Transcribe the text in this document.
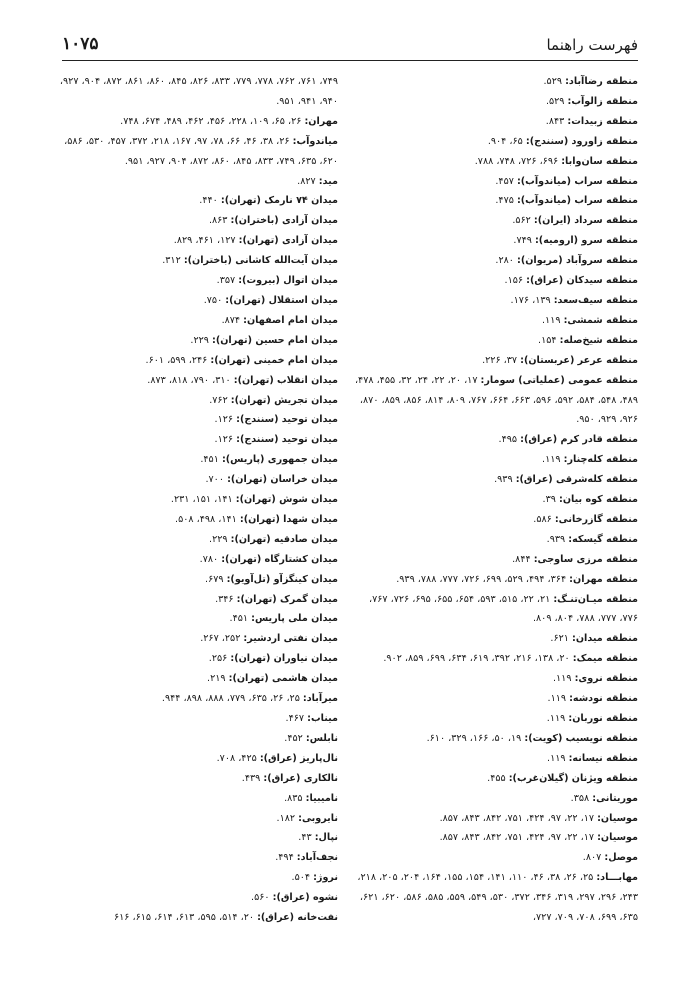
فهرست راهنما
۱۰۷۵
منطقه رضاآباد: ۵۲۹.
منطقه زالوآب: ۵۲۹.
منطقه زبیدات: ۸۴۳.
منطقه زاورود (سنندج): ۶۵، ۹۰۴.
منطقه سان‌وابا: ۶۹۶، ۷۲۶، ۷۴۸، ۷۸۸.
منطقه سراب (میاندوآب): ۴۵۷.
منطقه سراب (میاندوآب): ۴۷۵.
منطقه سرداد (ایران): ۵۶۲.
منطقه سرو (ارومیه): ۷۴۹.
منطقه سروآباد (مریوان): ۲۸۰.
منطقه سیدکان (عراق): ۱۵۶.
منطقه سیف‌سعد: ۱۳۹، ۱۷۶.
منطقه شمشی: ۱۱۹.
منطقه شیخ‌صله: ۱۵۴.
منطقه عرعر (عربستان): ۳۷، ۲۲۶.
منطقه عمومی (عملیاتی) سومار: ۱۷، ۲۰، ۲۲، ۲۴، ۳۲، ۴۵۵، ۴۷۸، ۴۸۹، ۵۴۸، ۵۸۴، ۵۹۲، ۵۹۶، ۶۶۳، ۶۶۴، ۷۶۷، ۸۰۹، ۸۱۴، ۸۵۶، ۸۵۹، ۸۷۰، ۹۲۶، ۹۲۹، ۹۵۰.
منطقه قادر کرم (عراق): ۴۹۵.
منطقه کله‌چنار: ۱۱۹.
منطقه کله‌شرقی (عراق): ۹۳۹.
منطقه کوه بیان: ۳۹.
منطقه گازرخانی: ۵۸۶.
منطقه گیسکه: ۹۳۹.
منطقه مرزی ساوجی: ۸۴۴.
منطقه مهران: ۳۶۴، ۴۹۴، ۵۲۹، ۶۹۹، ۷۲۶، ۷۷۷، ۷۸۸، ۹۳۹.
منطقه میـان‌تنـگ: ۲۱، ۲۲، ۵۱۵، ۵۹۳، ۶۵۴، ۶۵۵، ۶۹۵، ۷۲۶، ۷۶۷، ۷۷۶، ۷۷۷، ۷۸۸، ۸۰۴، ۸۰۹.
منطقه میدان: ۶۲۱.
منطقه میمک: ۲۰، ۱۳۸، ۲۱۶، ۳۹۲، ۶۱۹، ۶۳۴، ۶۹۹، ۸۵۹، ۹۰۲.
منطقه نروی: ۱۱۹.
منطقه نودشه: ۱۱۹.
منطقه نوربان: ۱۱۹.
منطقه نویسیب (کویت): ۱۹، ۵۰، ۱۶۶، ۳۲۹، ۶۱۰.
منطقه نیسانه: ۱۱۹.
منطقه ویژنان (گیلان‌غرب): ۴۵۵.
موریتانی: ۳۵۸.
موسیان: ۱۷، ۲۲، ۹۷، ۴۲۴، ۷۵۱، ۸۴۲، ۸۴۳، ۸۵۷.
موسیان: ۱۷، ۲۲، ۹۷، ۴۲۴، ۷۵۱، ۸۴۲، ۸۴۳، ۸۵۷.
موصل: ۸۰۷.
مهابـــاد: ۲۵، ۲۶، ۳۸، ۴۶، ۱۱۰، ۱۴۱، ۱۵۴، ۱۵۵، ۱۶۴، ۲۰۴، ۲۰۵، ۲۱۸، ۲۴۳، ۲۹۶، ۲۹۷، ۳۱۹، ۳۴۶، ۳۷۲، ۵۳۰، ۵۴۹، ۵۵۹، ۵۸۵، ۵۸۶، ۶۲۰، ۶۲۱، ۶۳۵، ۶۹۹، ۷۰۸، ۷۰۹، ۷۲۷،
۷۴۹، ۷۶۱، ۷۶۲، ۷۷۸، ۷۷۹، ۸۳۳، ۸۲۶، ۸۴۵، ۸۶۰، ۸۶۱، ۸۷۲، ۹۰۴، ۹۲۷، ۹۴۰، ۹۴۱، ۹۵۱.
مهران: ۲۶، ۶۵، ۱۰۹، ۲۲۸، ۴۵۶، ۴۶۲، ۴۸۹، ۶۷۴، ۷۴۸.
میاندوآب: ۲۶، ۳۸، ۴۶، ۶۶، ۷۸، ۹۷، ۱۶۷، ۲۱۸، ۳۷۲، ۴۵۷، ۵۳۰، ۵۸۶، ۶۲۰، ۶۳۵، ۷۴۹، ۸۳۳، ۸۴۵، ۸۶۰، ۸۷۲، ۹۰۴، ۹۲۷، ۹۵۱.
مید: ۸۲۷.
میدان ۷۴ نارمک (تهران): ۴۴۰.
میدان آزادی (باختران): ۸۶۳.
میدان آزادی (تهران): ۱۲۷، ۴۶۱، ۸۲۹.
میدان آیت‌الله کاشانی (باختران): ۳۱۲.
میدان اتوال (بیروت): ۳۵۷.
میدان استقلال (تهران): ۷۵۰.
میدان امام اصفهان: ۸۷۴.
میدان امام حسین (تهران): ۲۲۹.
میدان امام خمینی (تهران): ۲۴۶، ۵۹۹، ۶۰۱.
میدان انقلاب (تهران): ۳۱۰، ۷۹۰، ۸۱۸، ۸۷۳.
میدان تجریش (تهران): ۷۶۲.
میدان توحید (سنندج): ۱۲۶.
میدان توحید (سنندج): ۱۲۶.
میدان جمهوری (پاریس): ۴۵۱.
میدان خراسان (تهران): ۷۰۰.
میدان شوش (تهران): ۱۴۱، ۱۵۱، ۲۳۱.
میدان شهدا (تهران): ۱۴۱، ۴۹۸، ۵۰۸.
میدان صادقیه (تهران): ۲۲۹.
میدان کشتارگاه (تهران): ۷۸۰.
میدان کینگزآو (تل‌آویو): ۶۷۹.
میدان گمرک (تهران): ۳۴۶.
میدان ملی پاریس: ۴۵۱.
میدان نفتی اردشیر: ۲۵۲، ۲۶۷.
میدان نیاوران (تهران): ۲۵۶.
میدان هاشمی (تهران): ۲۱۹.
میرآباد: ۲۵، ۲۶، ۶۳۵، ۷۷۹، ۸۸۸، ۸۹۸، ۹۴۴.
میناب: ۴۶۷.
نابلس: ۴۵۲.
نال‌پاریز (عراق): ۴۲۵، ۷۰۸.
نالکاری (عراق): ۴۳۹.
نامیبیا: ۸۳۵.
نایروبی: ۱۸۲.
نپال: ۴۳.
نجف‌آباد: ۴۹۴.
نروژ: ۵۰۴.
نشوه (عراق): ۵۶۰.
نفت‌خانه (عراق): ۲۰، ۵۱۴، ۵۹۵، ۶۱۳، ۶۱۴، ۶۱۵، ۶۱۶
